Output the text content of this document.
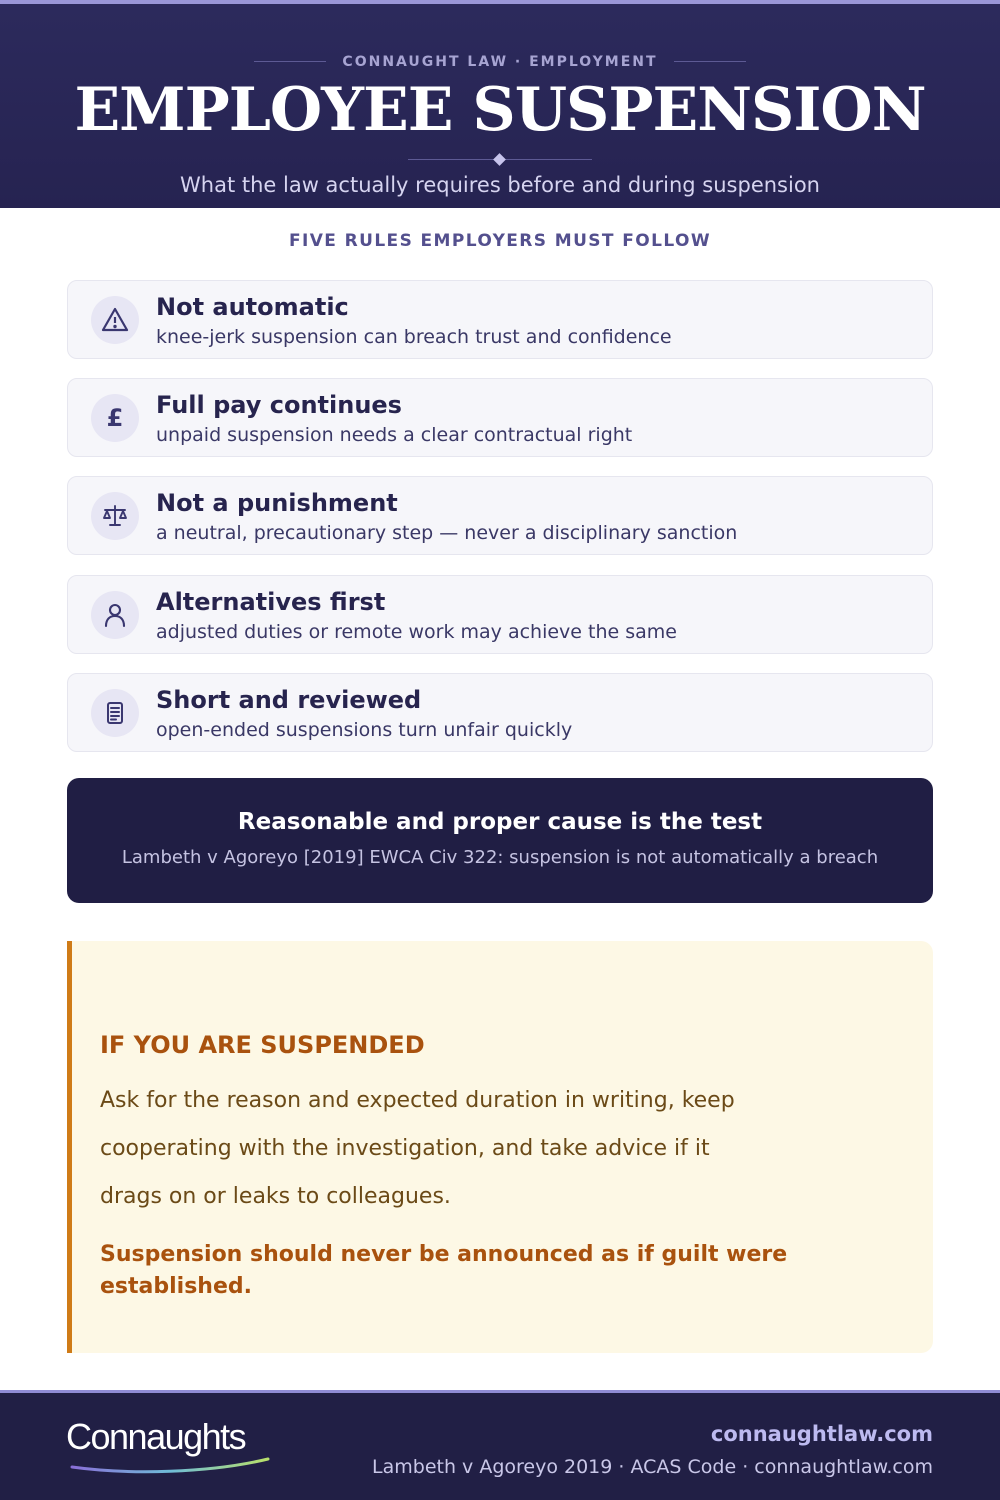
CONNAUGHT LAW · EMPLOYMENT
EMPLOYEE SUSPENSION
What the law actually requires before and during suspension
FIVE RULES EMPLOYERS MUST FOLLOW
Not automatic
knee-jerk suspension can breach trust and confidence
£ Full pay continues
unpaid suspension needs a clear contractual right
Not a punishment
a neutral, precautionary step — never a disciplinary sanction
Alternatives first
adjusted duties or remote work may achieve the same
Short and reviewed
open-ended suspensions turn unfair quickly
Reasonable and proper cause is the test
Lambeth v Agoreyo [2019] EWCA Civ 322: suspension is not automatically a breach
IF YOU ARE SUSPENDED
Ask for the reason and expected duration in writing, keep cooperating with the investigation, and take advice if it drags on or leaks to colleagues.
Suspension should never be announced as if guilt were established.
Connaughts	connaughtlaw.com
Lambeth v Agoreyo 2019 · ACAS Code · connaughtlaw.com
